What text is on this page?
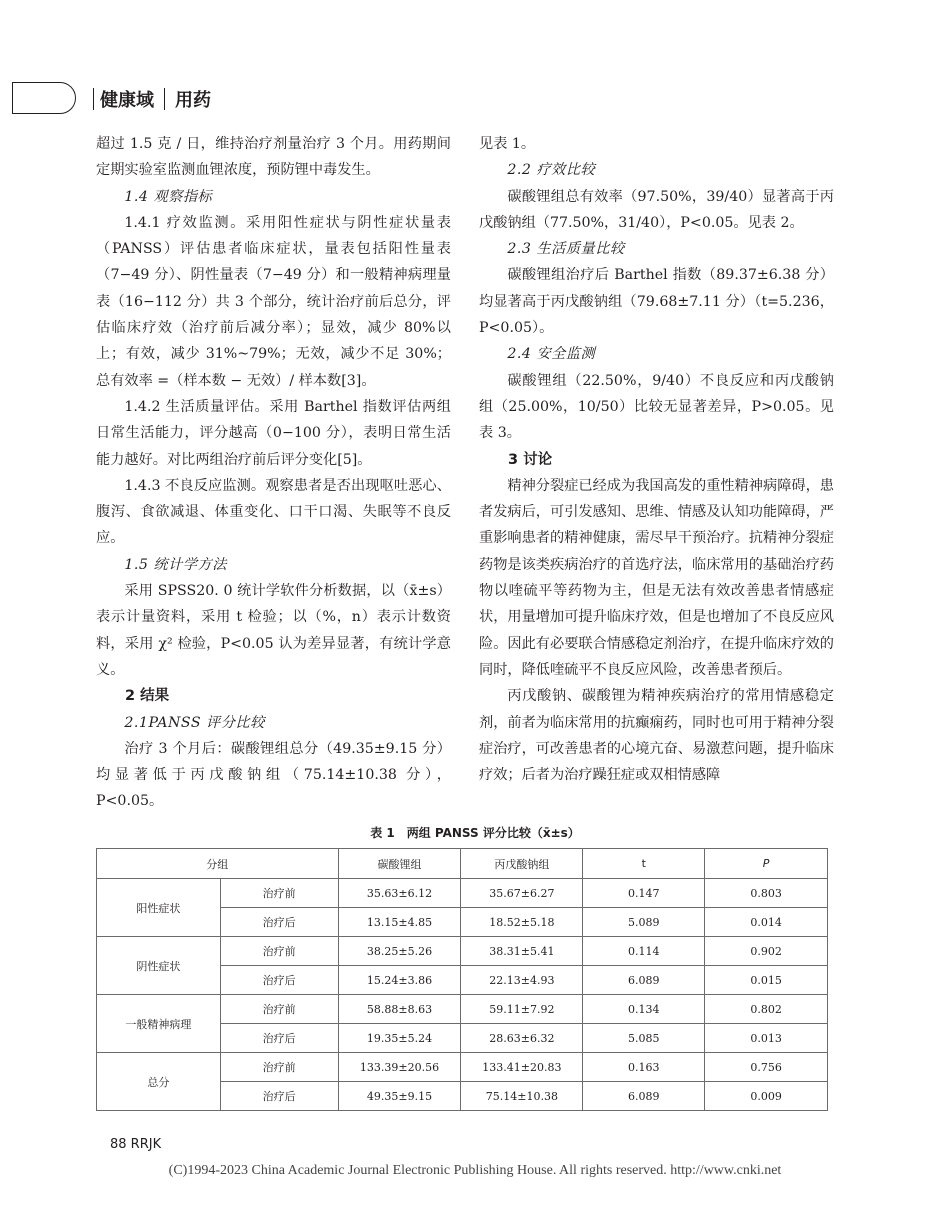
健康域 用药

超过 1.5 克 / 日，维持治疗剂量治疗 3 个月。用药期间定期实验室监测血锂浓度，预防锂中毒发生。

1.4 观察指标

1.4.1 疗效监测。采用阳性症状与阴性症状量表（PANSS）评估患者临床症状，量表包括阳性量表（7−49 分）、阴性量表（7−49 分）和一般精神病理量表（16−112 分）共 3 个部分，统计治疗前后总分，评估临床疗效（治疗前后减分率）；显效，减少 80%以上；有效，减少 31%~79%；无效，减少不足 30%；总有效率 =（样本数 − 无效）/ 样本数[3]。

1.4.2 生活质量评估。采用 Barthel 指数评估两组日常生活能力，评分越高（0−100 分），表明日常生活能力越好。对比两组治疗前后评分变化[5]。

1.4.3 不良反应监测。观察患者是否出现呕吐恶心、腹泻、食欲减退、体重变化、口干口渴、失眠等不良反应。

1.5 统计学方法

采用 SPSS20. 0 统计学软件分析数据，以（x̄±s）表示计量资料，采用 t 检验；以（%，n）表示计数资料，采用 χ² 检验，P<0.05 认为差异显著，有统计学意义。

2 结果

2.1PANSS 评分比较

治疗 3 个月后：碳酸锂组总分（49.35±9.15 分）均显著低于丙戊酸钠组（75.14±10.38 分），P<0.05。

见表 1。

2.2 疗效比较

碳酸锂组总有效率（97.50%，39/40）显著高于丙戊酸钠组（77.50%，31/40），P<0.05。见表 2。

2.3 生活质量比较

碳酸锂组治疗后 Barthel 指数（89.37±6.38 分）均显著高于丙戊酸钠组（79.68±7.11 分）（t=5.236，P<0.05）。

2.4 安全监测

碳酸锂组（22.50%，9/40）不良反应和丙戊酸钠组（25.00%，10/50）比较无显著差异，P>0.05。见表 3。

3 讨论

精神分裂症已经成为我国高发的重性精神病障碍，患者发病后，可引发感知、思维、情感及认知功能障碍，严重影响患者的精神健康，需尽早干预治疗。抗精神分裂症药物是该类疾病治疗的首选疗法，临床常用的基础治疗药物以喹硫平等药物为主，但是无法有效改善患者情感症状，用量增加可提升临床疗效，但是也增加了不良反应风险。因此有必要联合情感稳定剂治疗，在提升临床疗效的同时，降低喹硫平不良反应风险，改善患者预后。

丙戊酸钠、碳酸锂为精神疾病治疗的常用情感稳定剂，前者为临床常用的抗癫痫药，同时也可用于精神分裂症治疗，可改善患者的心境亢奋、易激惹问题，提升临床疗效；后者为治疗躁狂症或双相情感障

表 1　两组 PANSS 评分比较（x̄±s）
分组		碳酸锂组	丙戊酸钠组	t	P
阳性症状	治疗前	35.63±6.12	35.67±6.27	0.147	0.803
	治疗后	13.15±4.85	18.52±5.18	5.089	0.014
阴性症状	治疗前	38.25±5.26	38.31±5.41	0.114	0.902
	治疗后	15.24±3.86	22.13±4.93	6.089	0.015
一般精神病理	治疗前	58.88±8.63	59.11±7.92	0.134	0.802
	治疗后	19.35±5.24	28.63±6.32	5.085	0.013
总分	治疗前	133.39±20.56	133.41±20.83	0.163	0.756
	治疗后	49.35±9.15	75.14±10.38	6.089	0.009
88 RRJK
(C)1994-2023 China Academic Journal Electronic Publishing House. All rights reserved. http://www.cnki.net
